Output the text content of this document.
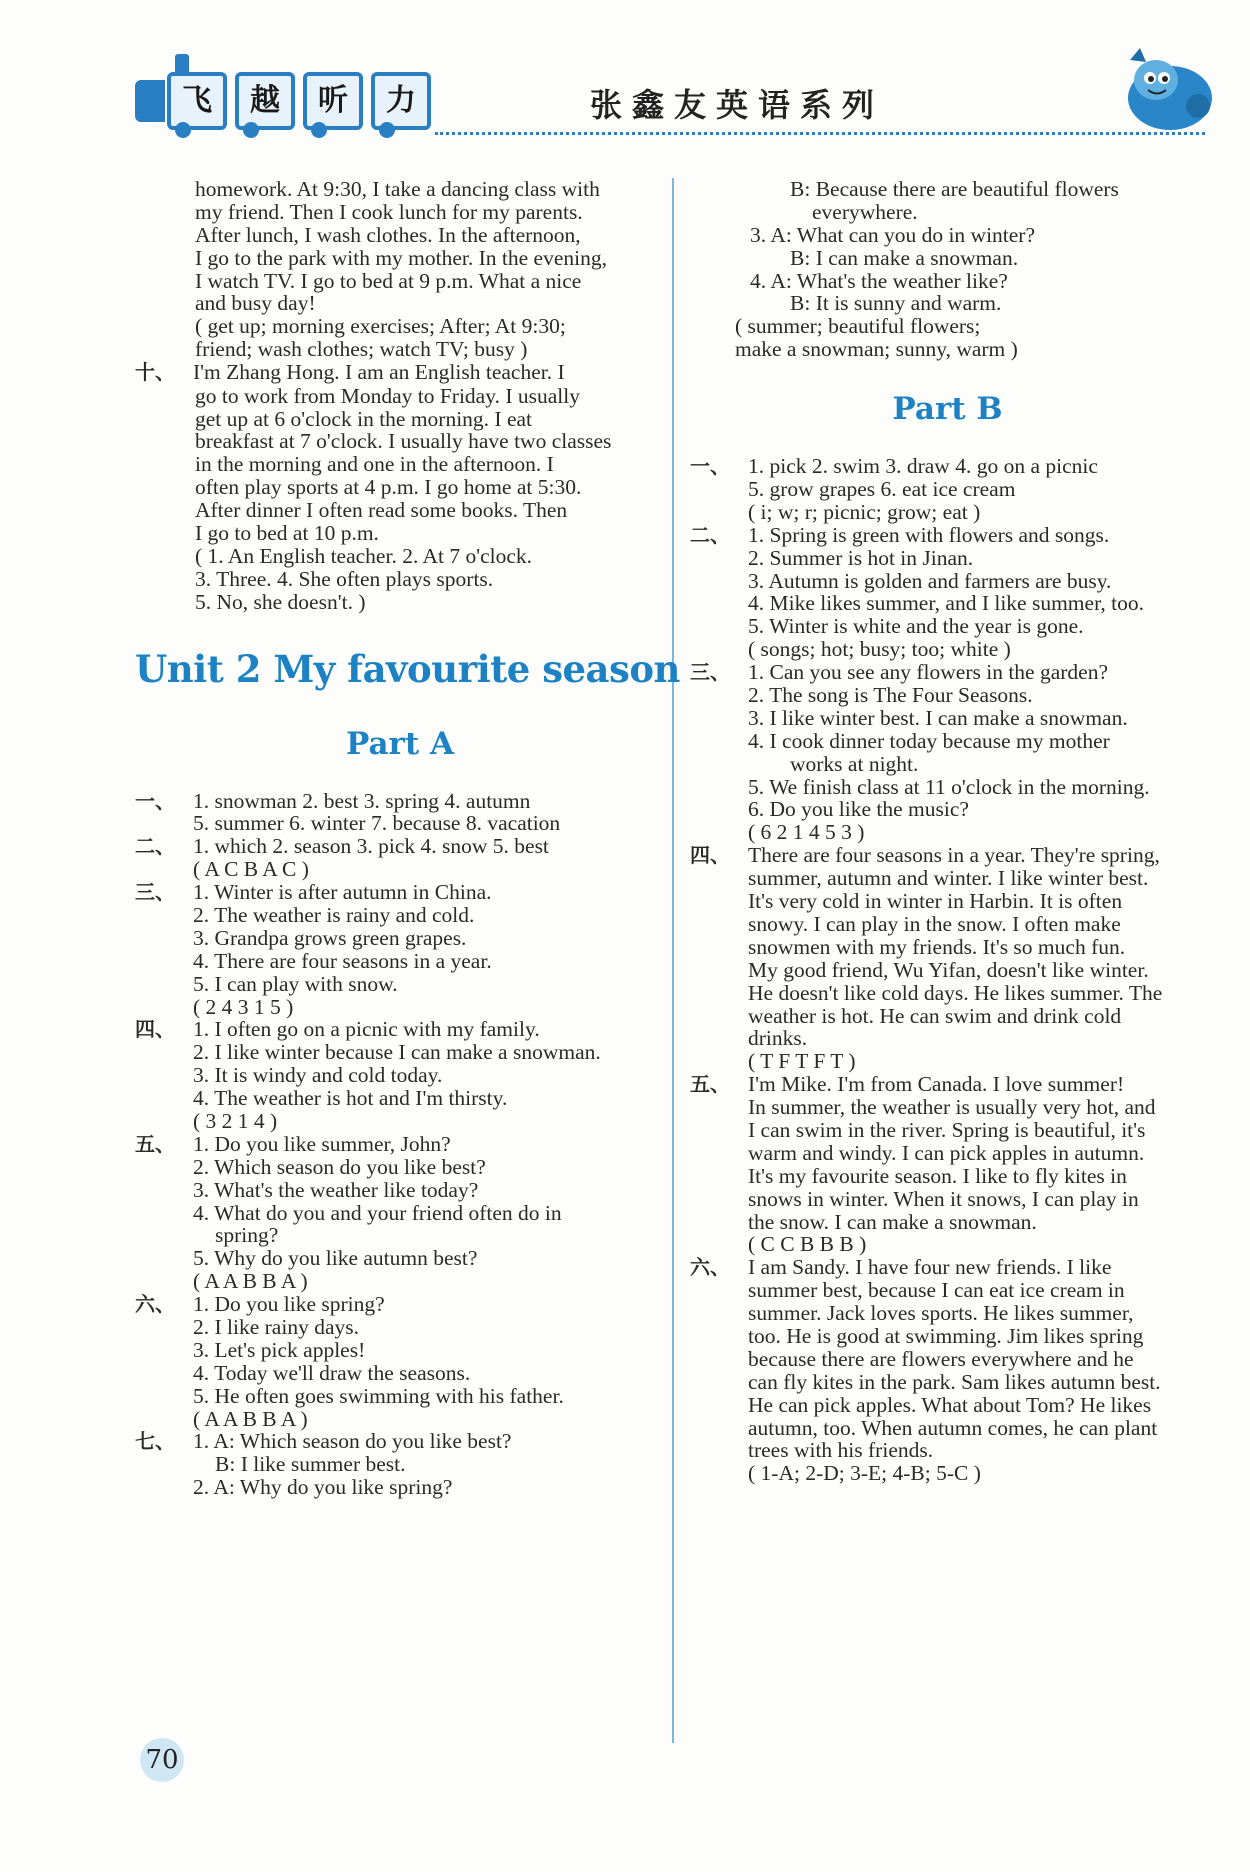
飞	越	听	力	张鑫友英语系列
homework. At 9:30, I take a dancing class with
my friend. Then I cook lunch for my parents.
After lunch, I wash clothes. In the afternoon,
I go to the park with my mother. In the evening,
I watch TV. I go to bed at 9 p.m. What a nice
and busy day!
( get up; morning exercises; After; At 9:30;
friend; wash clothes; watch TV; busy )
十、 I'm Zhang Hong. I am an English teacher. I
go to work from Monday to Friday. I usually
get up at 6 o'clock in the morning. I eat
breakfast at 7 o'clock. I usually have two classes
in the morning and one in the afternoon. I
often play sports at 4 p.m. I go home at 5:30.
After dinner I often read some books. Then
I go to bed at 10 p.m.
( 1. An English teacher. 2. At 7 o'clock.
3. Three. 4. She often plays sports.
5. No, she doesn't. )
Unit 2 My favourite season
Part A
一、 1. snowman 2. best 3. spring 4. autumn
5. summer 6. winter 7. because 8. vacation
二、 1. which 2. season 3. pick 4. snow 5. best
( A C B A C )
三、 1. Winter is after autumn in China.
2. The weather is rainy and cold.
3. Grandpa grows green grapes.
4. There are four seasons in a year.
5. I can play with snow.
( 2 4 3 1 5 )
四、 1. I often go on a picnic with my family.
2. I like winter because I can make a snowman.
3. It is windy and cold today.
4. The weather is hot and I'm thirsty.
( 3 2 1 4 )
五、 1. Do you like summer, John?
2. Which season do you like best?
3. What's the weather like today?
4. What do you and your friend often do in
spring?
5. Why do you like autumn best?
( A A B B A )
六、 1. Do you like spring?
2. I like rainy days.
3. Let's pick apples!
4. Today we'll draw the seasons.
5. He often goes swimming with his father.
( A A B B A )
七、 1. A: Which season do you like best?
B: I like summer best.
2. A: Why do you like spring?
B: Because there are beautiful flowers
everywhere.
3. A: What can you do in winter?
B: I can make a snowman.
4. A: What's the weather like?
B: It is sunny and warm.
( summer; beautiful flowers;
make a snowman; sunny, warm )
Part B
一、 1. pick 2. swim 3. draw 4. go on a picnic
5. grow grapes 6. eat ice cream
( i; w; r; picnic; grow; eat )
二、 1. Spring is green with flowers and songs.
2. Summer is hot in Jinan.
3. Autumn is golden and farmers are busy.
4. Mike likes summer, and I like summer, too.
5. Winter is white and the year is gone.
( songs; hot; busy; too; white )
三、 1. Can you see any flowers in the garden?
2. The song is The Four Seasons.
3. I like winter best. I can make a snowman.
4. I cook dinner today because my mother
works at night.
5. We finish class at 11 o'clock in the morning.
6. Do you like the music?
( 6 2 1 4 5 3 )
四、 There are four seasons in a year. They're spring,
summer, autumn and winter. I like winter best.
It's very cold in winter in Harbin. It is often
snowy. I can play in the snow. I often make
snowmen with my friends. It's so much fun.
My good friend, Wu Yifan, doesn't like winter.
He doesn't like cold days. He likes summer. The
weather is hot. He can swim and drink cold
drinks.
( T F T F T )
五、 I'm Mike. I'm from Canada. I love summer!
In summer, the weather is usually very hot, and
I can swim in the river. Spring is beautiful, it's
warm and windy. I can pick apples in autumn.
It's my favourite season. I like to fly kites in
snows in winter. When it snows, I can play in
the snow. I can make a snowman.
( C C B B B )
六、 I am Sandy. I have four new friends. I like
summer best, because I can eat ice cream in
summer. Jack loves sports. He likes summer,
too. He is good at swimming. Jim likes spring
because there are flowers everywhere and he
can fly kites in the park. Sam likes autumn best.
He can pick apples. What about Tom? He likes
autumn, too. When autumn comes, he can plant
trees with his friends.
( 1-A; 2-D; 3-E; 4-B; 5-C )
70
